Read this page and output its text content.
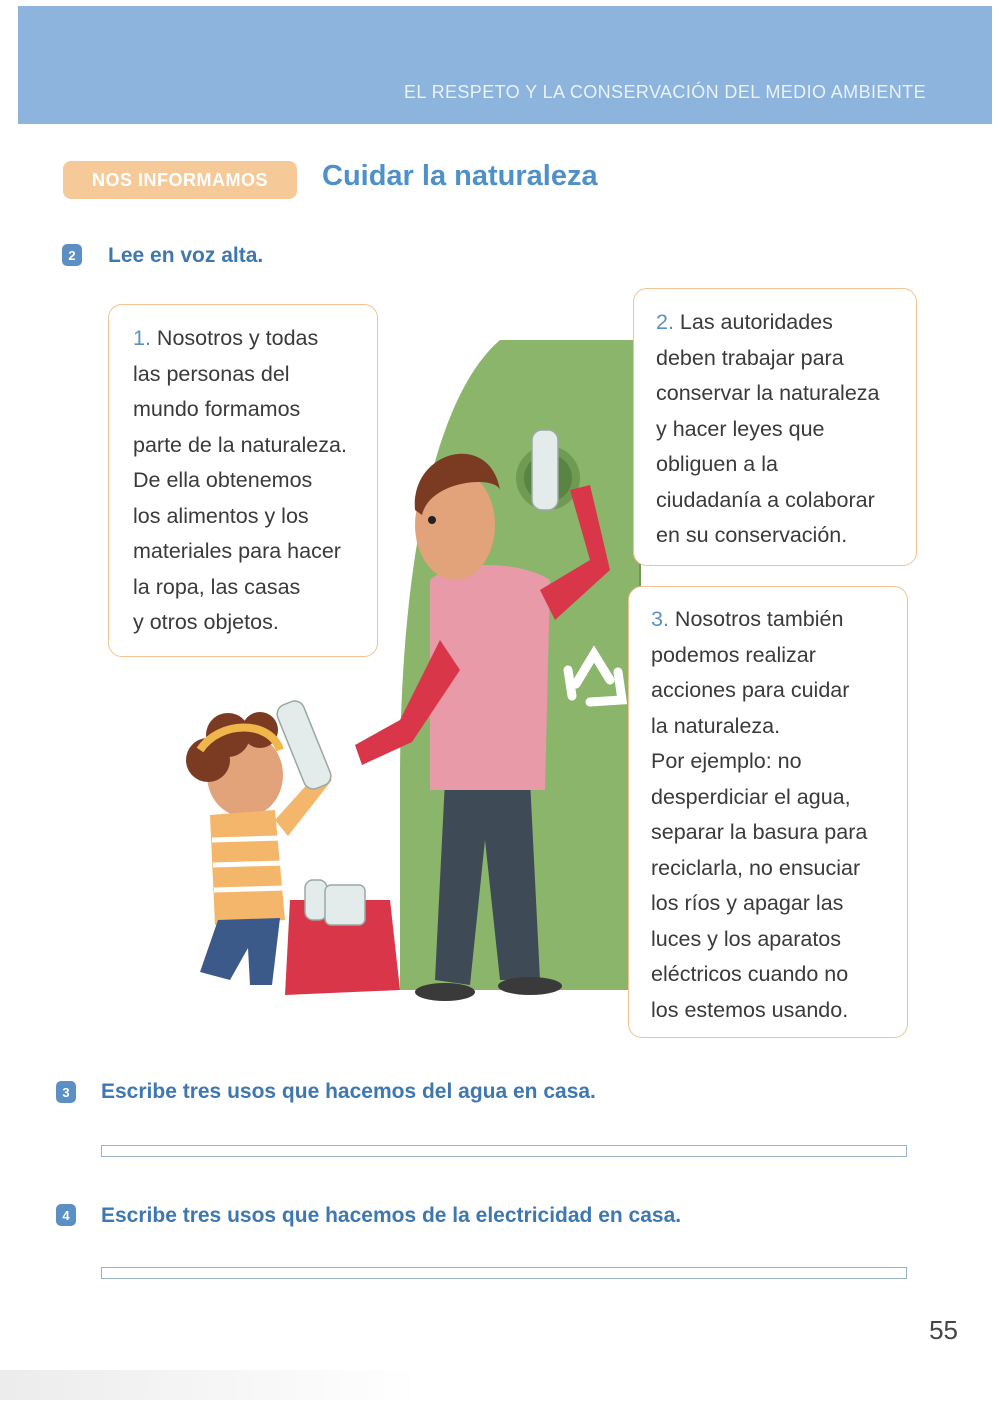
EL RESPETO Y LA CONSERVACIÓN DEL MEDIO AMBIENTE
NOS INFORMAMOS	Cuidar la naturaleza
2	Lee en voz alta.
1. Nosotros y todas
las personas del
mundo formamos
parte de la naturaleza.
De ella obtenemos
los alimentos y los
materiales para hacer
la ropa, las casas
y otros objetos.
2. Las autoridades
deben trabajar para
conservar la naturaleza
y hacer leyes que
obliguen a la
ciudadanía a colaborar
en su conservación.
3. Nosotros también
podemos realizar
acciones para cuidar
la naturaleza.
Por ejemplo: no
desperdiciar el agua,
separar la basura para
reciclarla, no ensuciar
los ríos y apagar las
luces y los aparatos
eléctricos cuando no
los estemos usando.
3	Escribe tres usos que hacemos del agua en casa.
4	Escribe tres usos que hacemos de la electricidad en casa.
55
